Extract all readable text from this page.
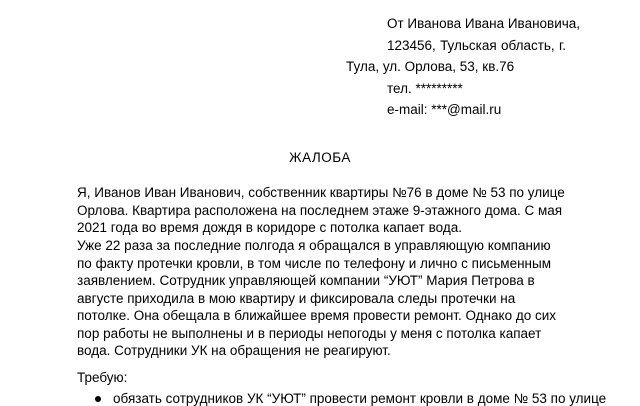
От Иванова Ивана Ивановича,
123456, Тульская область, г.
Тула, ул. Орлова, 53, кв.76
тел. *********
e-mail: ***@mail.ru
ЖАЛОБА
Я, Иванов Иван Иванович, собственник квартиры №76 в доме № 53 по улице Орлова. Квартира расположена на последнем этаже 9-этажного дома. С мая 2021 года во время дождя в коридоре с потолка капает вода.
Уже 22 раза за последние полгода я обращался в управляющую компанию по факту протечки кровли, в том числе по телефону и лично с письменным заявлением. Сотрудник управляющей компании “УЮТ” Мария Петрова в августе приходила в мою квартиру и фиксировала следы протечки на потолке. Она обещала в ближайшее время провести ремонт. Однако до сих пор работы не выполнены и в периоды непогоды у меня с потолка капает вода. Сотрудники УК на обращения не реагируют.
Требую:
обязать сотрудников УК “УЮТ” провести ремонт кровли в доме № 53 по улице
